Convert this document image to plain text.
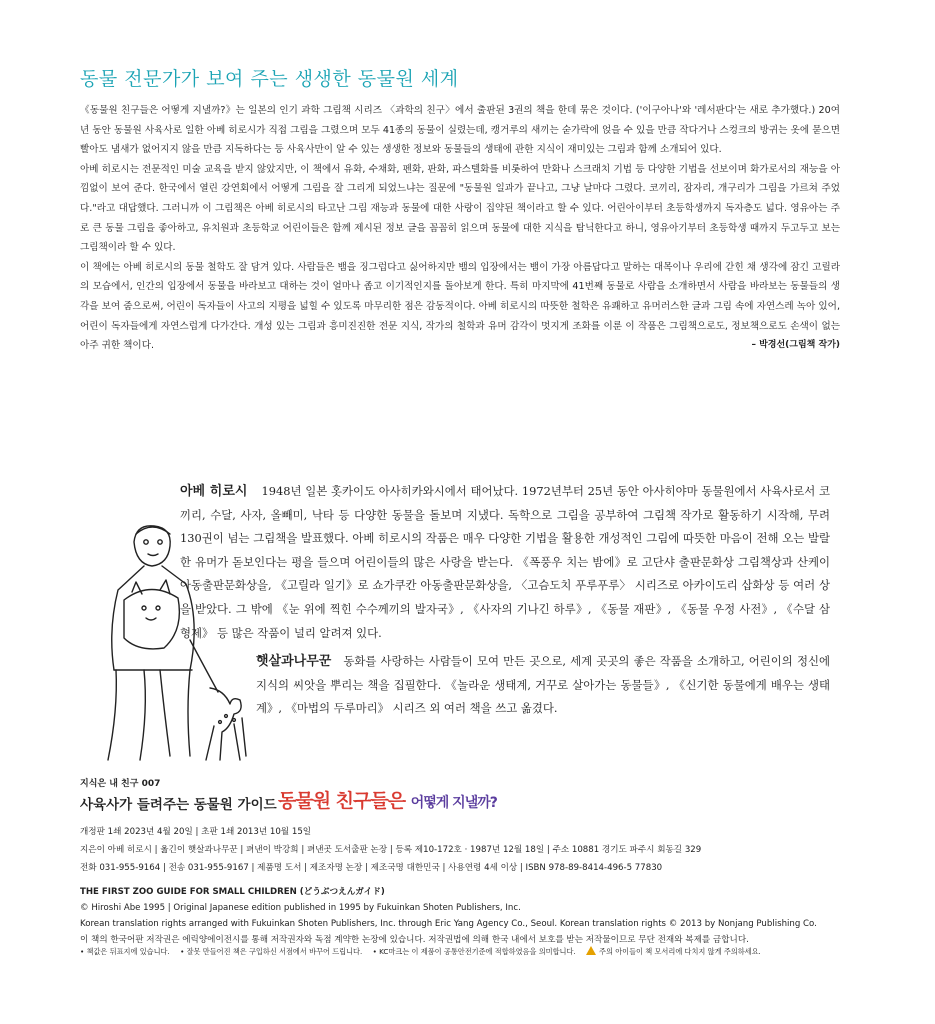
동물 전문가가 보여 주는 생생한 동물원 세계

《동물원 친구들은 어떻게 지낼까?》는 일본의 인기 과학 그림책 시리즈 〈과학의 친구〉에서 출판된 3권의 책을 한데 묶은 것이다. ('이구아나'와 '레서판다'는 새로 추가했다.) 20여 년 동안 동물원 사육사로 일한 아베 히로시가 직접 그림을 그렸으며 모두 41종의 동물이 실렸는데, 캥거루의 새끼는 숟가락에 얹을 수 있을 만큼 작다거나 스컹크의 방귀는 옷에 묻으면 빨아도 냄새가 없어지지 않을 만큼 지독하다는 등 사육사만이 알 수 있는 생생한 정보와 동물들의 생태에 관한 지식이 재미있는 그림과 함께 소개되어 있다.

아베 히로시는 전문적인 미술 교육을 받지 않았지만, 이 책에서 유화, 수채화, 펜화, 판화, 파스텔화를 비롯하여 만화나 스크래치 기법 등 다양한 기법을 선보이며 화가로서의 재능을 아낌없이 보여 준다. 한국에서 열린 강연회에서 어떻게 그림을 잘 그리게 되었느냐는 질문에 "동물원 일과가 끝나고, 그냥 날마다 그렸다. 코끼리, 잠자리, 개구리가 그림을 가르쳐 주었다."라고 대답했다. 그러니까 이 그림책은 아베 히로시의 타고난 그림 재능과 동물에 대한 사랑이 집약된 책이라고 할 수 있다. 어린아이부터 초등학생까지 독자층도 넓다. 영유아는 주로 큰 동물 그림을 좋아하고, 유치원과 초등학교 어린이들은 함께 제시된 정보 글을 꼼꼼히 읽으며 동물에 대한 지식을 탐닉한다고 하니, 영유아기부터 초등학생 때까지 두고두고 보는 그림책이라 할 수 있다.

이 책에는 아베 히로시의 동물 철학도 잘 담겨 있다. 사람들은 뱀을 징그럽다고 싫어하지만 뱀의 입장에서는 뱀이 가장 아름답다고 말하는 대목이나 우리에 갇힌 채 생각에 잠긴 고릴라의 모습에서, 인간의 입장에서 동물을 바라보고 대하는 것이 얼마나 좁고 이기적인지를 돌아보게 한다. 특히 마지막에 41번째 동물로 사람을 소개하면서 사람을 바라보는 동물들의 생각을 보여 줌으로써, 어린이 독자들이 사고의 지평을 넓힐 수 있도록 마무리한 점은 감동적이다. 아베 히로시의 따뜻한 철학은 유쾌하고 유머러스한 글과 그림 속에 자연스레 녹아 있어, 어린이 독자들에게 자연스럽게 다가간다. 개성 있는 그림과 흥미진진한 전문 지식, 작가의 철학과 유머 감각이 멋지게 조화를 이룬 이 작품은 그림책으로도, 정보책으로도 손색이 없는 아주 귀한 책이다.	– 박경선(그림책 작가)

아베 히로시 1948년 일본 홋카이도 아사히카와시에서 태어났다. 1972년부터 25년 동안 아사히야마 동물원에서 사육사로서 코끼리, 수달, 사자, 올빼미, 낙타 등 다양한 동물을 돌보며 지냈다. 독학으로 그림을 공부하여 그림책 작가로 활동하기 시작해, 무려 130권이 넘는 그림책을 발표했다. 아베 히로시의 작품은 매우 다양한 기법을 활용한 개성적인 그림에 따뜻한 마음이 전해 오는 발랄한 유머가 돋보인다는 평을 들으며 어린이들의 많은 사랑을 받는다. 《폭풍우 치는 밤에》로 고단샤 출판문화상 그림책상과 산케이 아동출판문화상을, 《고릴라 일기》로 쇼가쿠칸 아동출판문화상을, 〈고슴도치 푸루푸루〉 시리즈로 아카이도리 삽화상 등 여러 상을 받았다. 그 밖에 《눈 위에 찍힌 수수께끼의 발자국》, 《사자의 기나긴 하루》, 《동물 재판》, 《동물 우정 사전》, 《수달 삼 형제》 등 많은 작품이 널리 알려져 있다.
햇살과나무꾼 동화를 사랑하는 사람들이 모여 만든 곳으로, 세계 곳곳의 좋은 작품을 소개하고, 어린이의 정신에 지식의 씨앗을 뿌리는 책을 집필한다. 《놀라운 생태계, 거꾸로 살아가는 동물들》, 《신기한 동물에게 배우는 생태계》, 《마법의 두루마리》 시리즈 외 여러 책을 쓰고 옮겼다.
지식은 내 친구 007
사육사가 들려주는 동물원 가이드 동물원 친구들은 어떻게 지낼까?

개정판 1쇄 2023년 4월 20일 | 초판 1쇄 2013년 10월 15일

지은이 아베 히로시 | 옮긴이 햇살과나무꾼 | 펴낸이 박강희 | 펴낸곳 도서출판 논장 | 등록 제10-172호 · 1987년 12월 18일 | 주소 10881 경기도 파주시 회동길 329

전화 031-955-9164 | 전송 031-955-9167 | 제품명 도서 | 제조자명 논장 | 제조국명 대한민국 | 사용연령 4세 이상 | ISBN 978-89-8414-496-5 77830

THE FIRST ZOO GUIDE FOR SMALL CHILDREN (どうぶつえんガイド)

© Hiroshi Abe 1995 | Original Japanese edition published in 1995 by Fukuinkan Shoten Publishers, Inc.

Korean translation rights arranged with Fukuinkan Shoten Publishers, Inc. through Eric Yang Agency Co., Seoul. Korean translation rights © 2013 by Nonjang Publishing Co.

이 책의 한국어판 저작권은 에릭양에이전시를 통해 저작권자와 독점 계약한 논장에 있습니다. 저작권법에 의해 한국 내에서 보호를 받는 저작물이므로 무단 전재와 복제를 금합니다.

• 책값은 뒤표지에 있습니다. • 잘못 만들어진 책은 구입하신 서점에서 바꾸어 드립니다. • KC마크는 이 제품이 공통안전기준에 적합하였음을 의미합니다.	주의 아이들이 책 모서리에 다치지 않게 주의하세요.
